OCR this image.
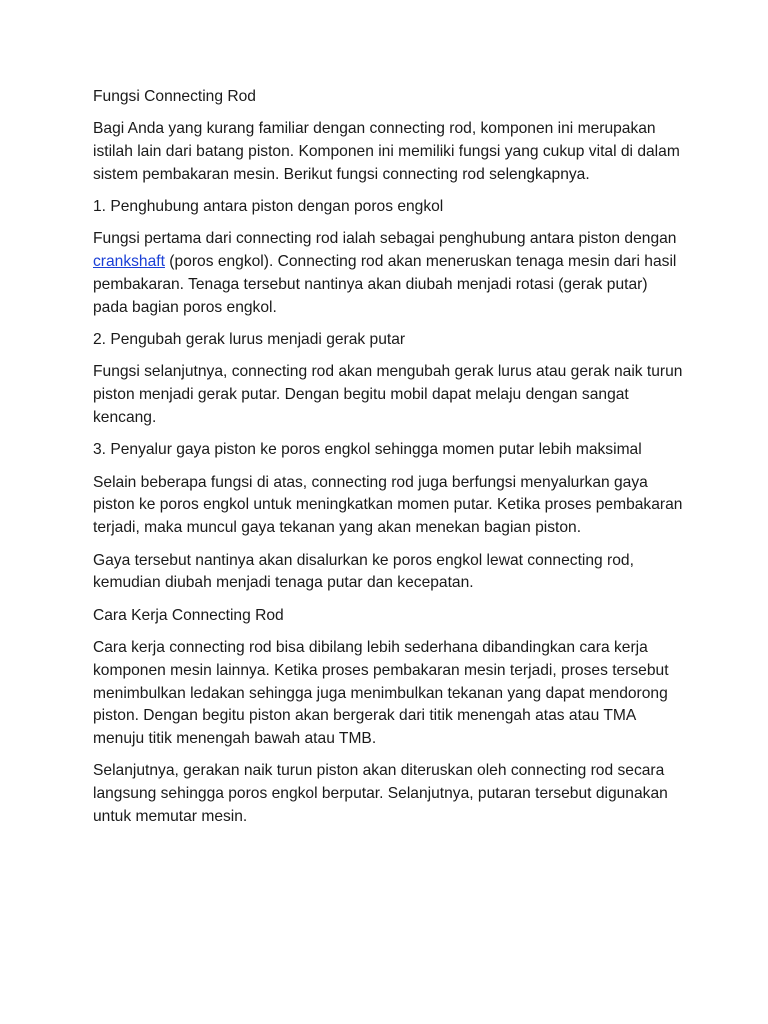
Fungsi Connecting Rod

Bagi Anda yang kurang familiar dengan connecting rod, komponen ini merupakan istilah lain dari batang piston. Komponen ini memiliki fungsi yang cukup vital di dalam sistem pembakaran mesin. Berikut fungsi connecting rod selengkapnya.

1. Penghubung antara piston dengan poros engkol

Fungsi pertama dari connecting rod ialah sebagai penghubung antara piston dengan crankshaft (poros engkol). Connecting rod akan meneruskan tenaga mesin dari hasil pembakaran. Tenaga tersebut nantinya akan diubah menjadi rotasi (gerak putar) pada bagian poros engkol.

2. Pengubah gerak lurus menjadi gerak putar

Fungsi selanjutnya, connecting rod akan mengubah gerak lurus atau gerak naik turun piston menjadi gerak putar. Dengan begitu mobil dapat melaju dengan sangat kencang.

3. Penyalur gaya piston ke poros engkol sehingga momen putar lebih maksimal

Selain beberapa fungsi di atas, connecting rod juga berfungsi menyalurkan gaya piston ke poros engkol untuk meningkatkan momen putar. Ketika proses pembakaran terjadi, maka muncul gaya tekanan yang akan menekan bagian piston.

Gaya tersebut nantinya akan disalurkan ke poros engkol lewat connecting rod, kemudian diubah menjadi tenaga putar dan kecepatan.

Cara Kerja Connecting Rod

Cara kerja connecting rod bisa dibilang lebih sederhana dibandingkan cara kerja komponen mesin lainnya. Ketika proses pembakaran mesin terjadi, proses tersebut menimbulkan ledakan sehingga juga menimbulkan tekanan yang dapat mendorong piston. Dengan begitu piston akan bergerak dari titik menengah atas atau TMA menuju titik menengah bawah atau TMB.

Selanjutnya, gerakan naik turun piston akan diteruskan oleh connecting rod secara langsung sehingga poros engkol berputar. Selanjutnya, putaran tersebut digunakan untuk memutar mesin.
